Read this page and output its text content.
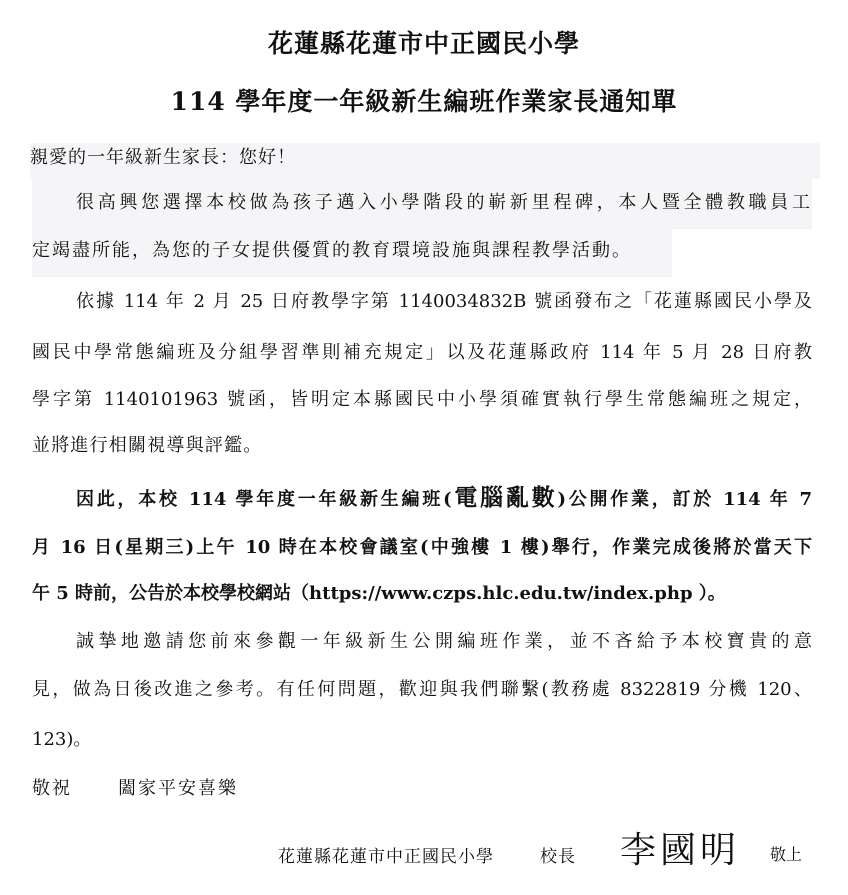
花蓮縣花蓮市中正國民小學
114 學年度一年級新生編班作業家長通知單
親愛的一年級新生家長：您好！
很高興您選擇本校做為孩子邁入小學階段的嶄新里程碑，本人暨全體教職員工
定竭盡所能，為您的子女提供優質的教育環境設施與課程教學活動。
依據 114 年 2 月 25 日府教學字第 1140034832B 號函發布之「花蓮縣國民小學及
國民中學常態編班及分組學習準則補充規定」以及花蓮縣政府 114 年 5 月 28 日府教
學字第 1140101963 號函，皆明定本縣國民中小學須確實執行學生常態編班之規定，
並將進行相關視導與評鑑。
因此，本校 114 學年度一年級新生編班(電腦亂數)公開作業，訂於 114 年 7
月 16 日(星期三)上午 10 時在本校會議室(中強樓 1 樓)舉行，作業完成後將於當天下
午 5 時前，公告於本校學校網站（https://www.czps.hlc.edu.tw/index.php ）。
誠摯地邀請您前來參觀一年級新生公開編班作業，並不吝給予本校寶貴的意
見，做為日後改進之參考。有任何問題，歡迎與我們聯繫(教務處 8322819 分機 120、
123)。
敬祝	闔家平安喜樂
花蓮縣花蓮市中正國民小學	校長 李國明 敬上
